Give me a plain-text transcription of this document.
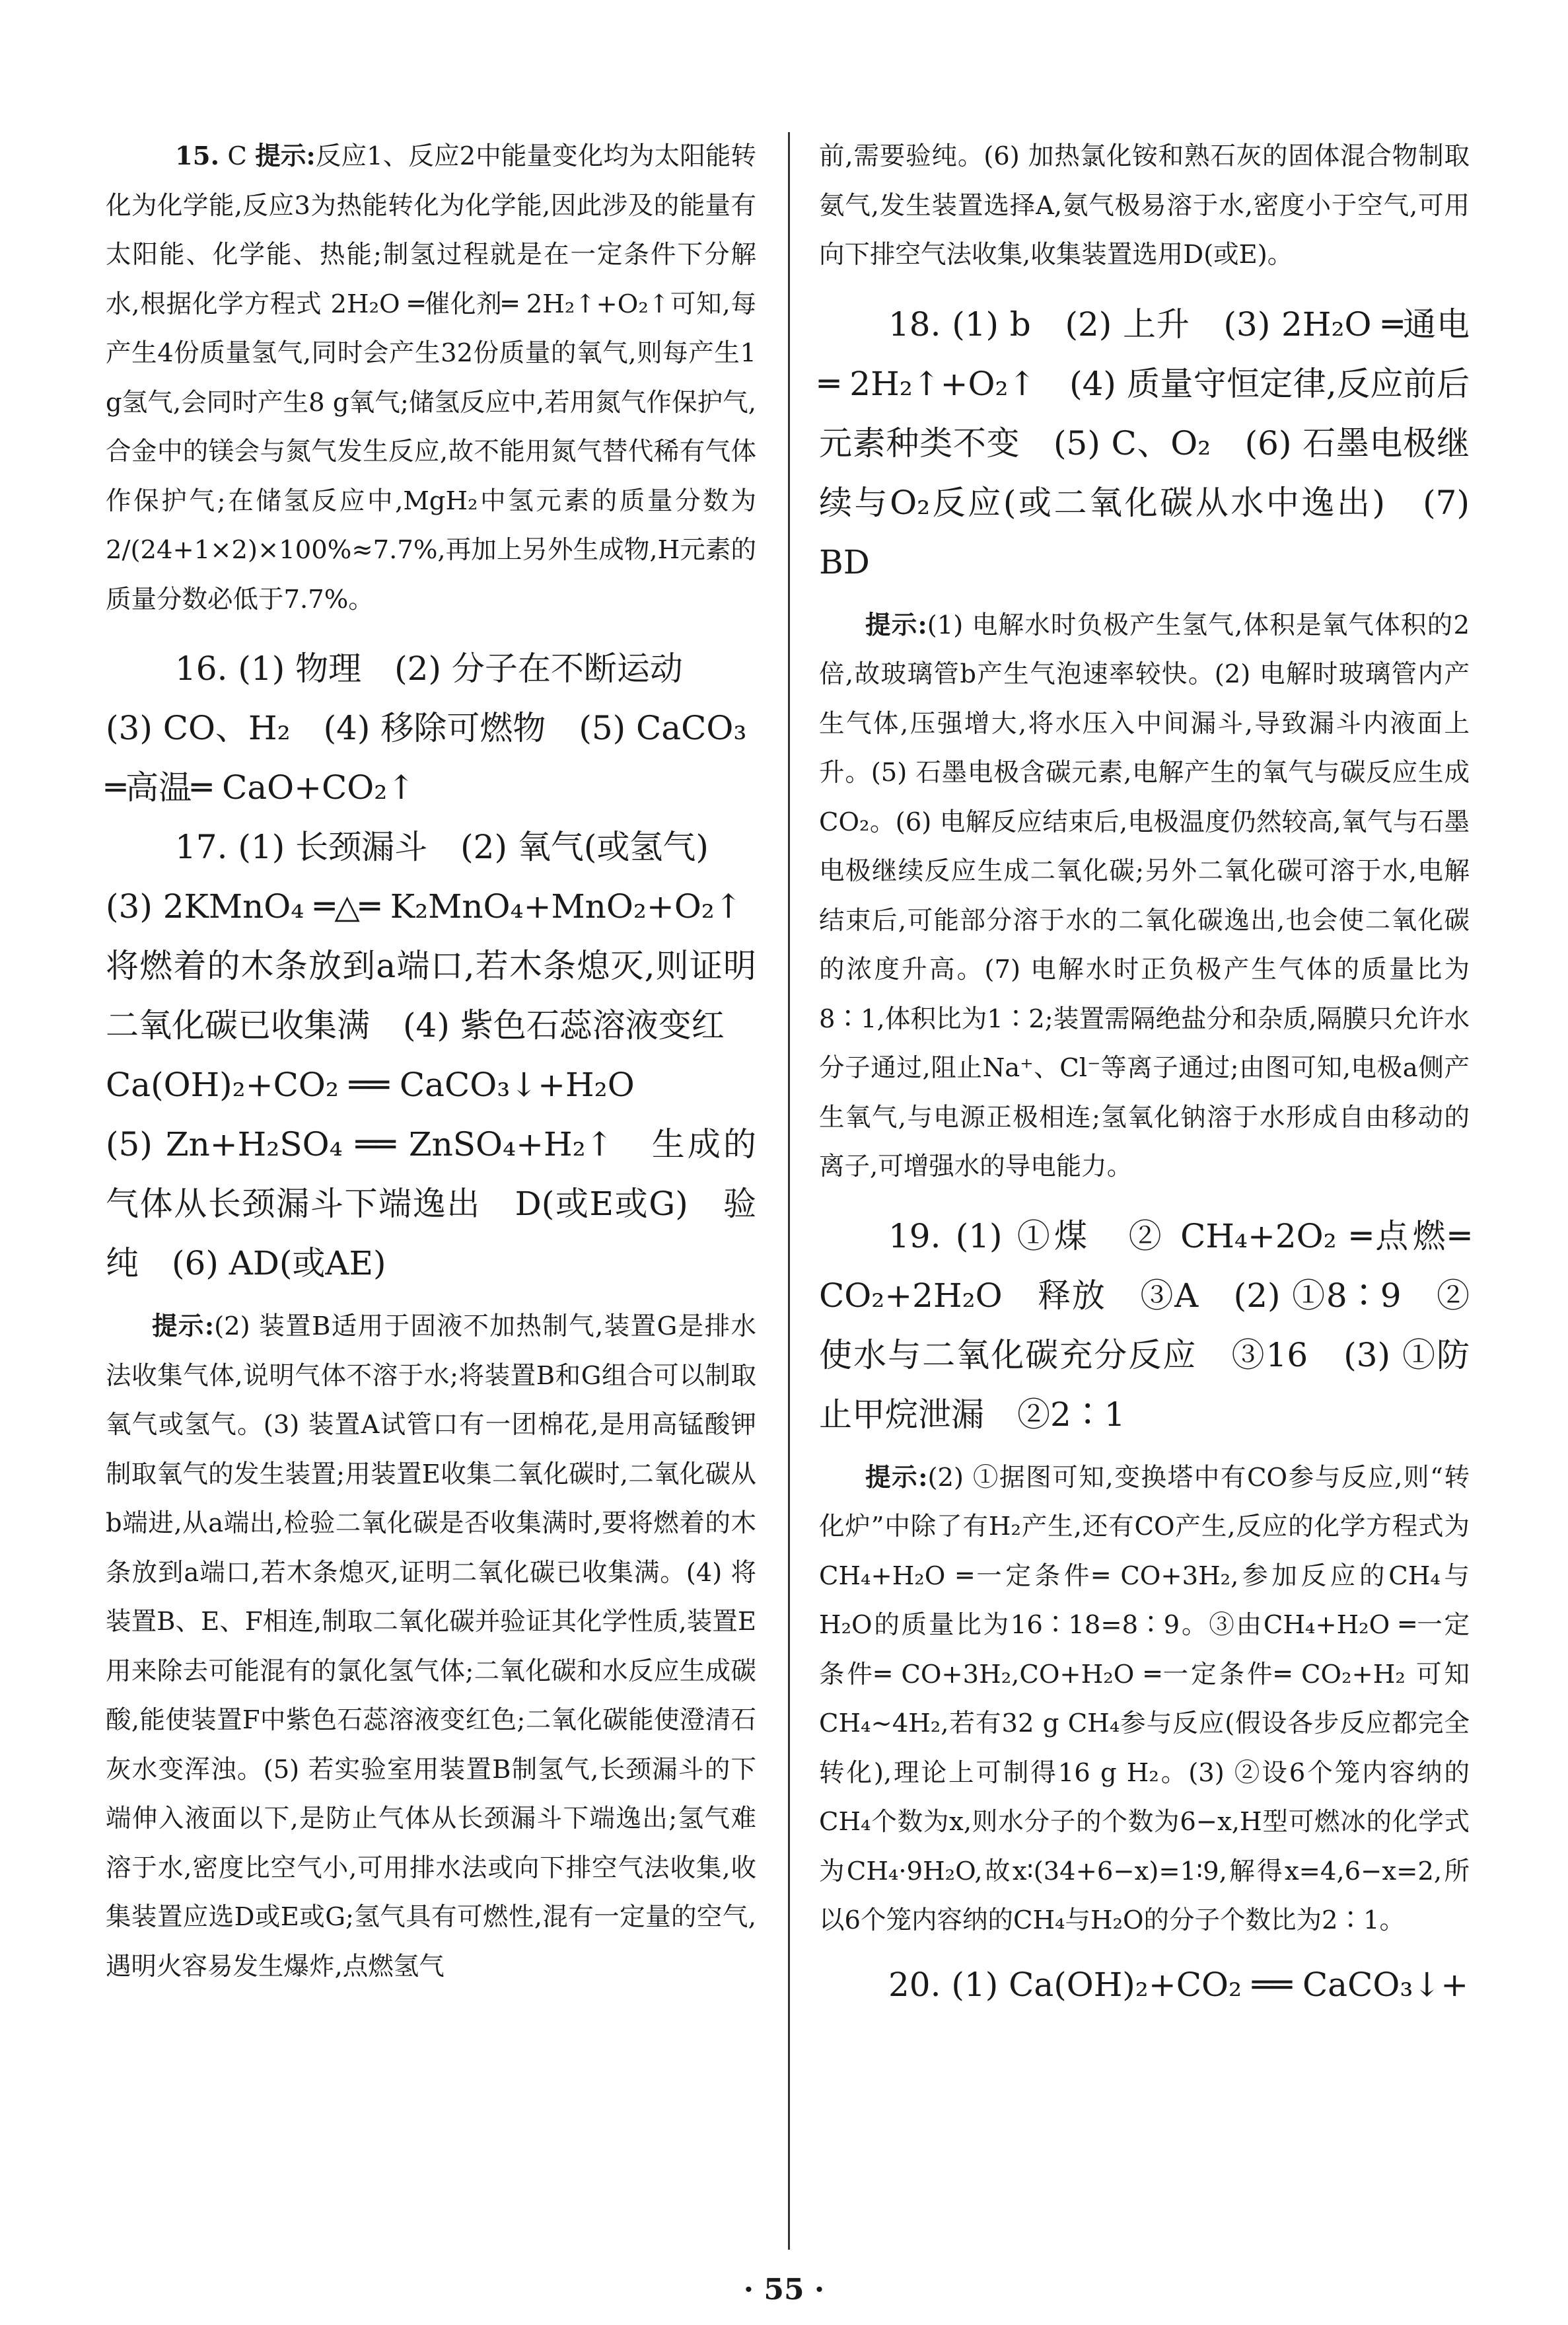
15. C 提示:反应1、反应2中能量变化均为太阳能转化为化学能,反应3为热能转化为化学能,因此涉及的能量有太阳能、化学能、热能;制氢过程就是在一定条件下分解水,根据化学方程式 2H₂O ═催化剂═ 2H₂↑+O₂↑可知,每产生4份质量氢气,同时会产生32份质量的氧气,则每产生1 g氢气,会同时产生8 g氧气;储氢反应中,若用氮气作保护气,合金中的镁会与氮气发生反应,故不能用氮气替代稀有气体作保护气;在储氢反应中,MgH₂中氢元素的质量分数为 2/(24+1×2)×100%≈7.7%,再加上另外生成物,H元素的质量分数必低于7.7%。

16. (1) 物理　(2) 分子在不断运动

(3) CO、H₂　(4) 移除可燃物　(5) CaCO₃

═高温═ CaO+CO₂↑

17. (1) 长颈漏斗　(2) 氧气(或氢气)

(3) 2KMnO₄ ═△═ K₂MnO₄+MnO₂+O₂↑

将燃着的木条放到a端口,若木条熄灭,则证明二氧化碳已收集满　(4) 紫色石蕊溶液变红

Ca(OH)₂+CO₂ ══ CaCO₃↓+H₂O

(5) Zn+H₂SO₄ ══ ZnSO₄+H₂↑　生成的气体从长颈漏斗下端逸出　D(或E或G)　验纯　(6) AD(或AE)

提示:(2) 装置B适用于固液不加热制气,装置G是排水法收集气体,说明气体不溶于水;将装置B和G组合可以制取氧气或氢气。(3) 装置A试管口有一团棉花,是用高锰酸钾制取氧气的发生装置;用装置E收集二氧化碳时,二氧化碳从b端进,从a端出,检验二氧化碳是否收集满时,要将燃着的木条放到a端口,若木条熄灭,证明二氧化碳已收集满。(4) 将装置B、E、F相连,制取二氧化碳并验证其化学性质,装置E用来除去可能混有的氯化氢气体;二氧化碳和水反应生成碳酸,能使装置F中紫色石蕊溶液变红色;二氧化碳能使澄清石灰水变浑浊。(5) 若实验室用装置B制氢气,长颈漏斗的下端伸入液面以下,是防止气体从长颈漏斗下端逸出;氢气难溶于水,密度比空气小,可用排水法或向下排空气法收集,收集装置应选D或E或G;氢气具有可燃性,混有一定量的空气,遇明火容易发生爆炸,点燃氢气

前,需要验纯。(6) 加热氯化铵和熟石灰的固体混合物制取氨气,发生装置选择A,氨气极易溶于水,密度小于空气,可用向下排空气法收集,收集装置选用D(或E)。

18. (1) b　(2) 上升　(3) 2H₂O ═通电═ 2H₂↑+O₂↑　(4) 质量守恒定律,反应前后元素种类不变　(5) C、O₂　(6) 石墨电极继续与O₂反应(或二氧化碳从水中逸出)　(7) BD

提示:(1) 电解水时负极产生氢气,体积是氧气体积的2倍,故玻璃管b产生气泡速率较快。(2) 电解时玻璃管内产生气体,压强增大,将水压入中间漏斗,导致漏斗内液面上升。(5) 石墨电极含碳元素,电解产生的氧气与碳反应生成CO₂。(6) 电解反应结束后,电极温度仍然较高,氧气与石墨电极继续反应生成二氧化碳;另外二氧化碳可溶于水,电解结束后,可能部分溶于水的二氧化碳逸出,也会使二氧化碳的浓度升高。(7) 电解水时正负极产生气体的质量比为8∶1,体积比为1∶2;装置需隔绝盐分和杂质,隔膜只允许水分子通过,阻止Na⁺、Cl⁻等离子通过;由图可知,电极a侧产生氧气,与电源正极相连;氢氧化钠溶于水形成自由移动的离子,可增强水的导电能力。

19. (1) ①煤　② CH₄+2O₂ ═点燃═ CO₂+2H₂O　释放　③A　(2) ①8∶9　②使水与二氧化碳充分反应　③16　(3) ①防止甲烷泄漏　②2∶1

提示:(2) ①据图可知,变换塔中有CO参与反应,则“转化炉”中除了有H₂产生,还有CO产生,反应的化学方程式为 CH₄+H₂O ═一定条件═ CO+3H₂,参加反应的CH₄与H₂O的质量比为16∶18=8∶9。③由CH₄+H₂O ═一定条件═ CO+3H₂,CO+H₂O ═一定条件═ CO₂+H₂ 可知CH₄~4H₂,若有32 g CH₄参与反应(假设各步反应都完全转化),理论上可制得16 g H₂。(3) ②设6个笼内容纳的CH₄个数为x,则水分子的个数为6−x,H型可燃冰的化学式为CH₄·9H₂O,故x∶(34+6−x)=1∶9,解得x=4,6−x=2,所以6个笼内容纳的CH₄与H₂O的分子个数比为2∶1。

20. (1) Ca(OH)₂+CO₂ ══ CaCO₃↓+

· 55 ·
